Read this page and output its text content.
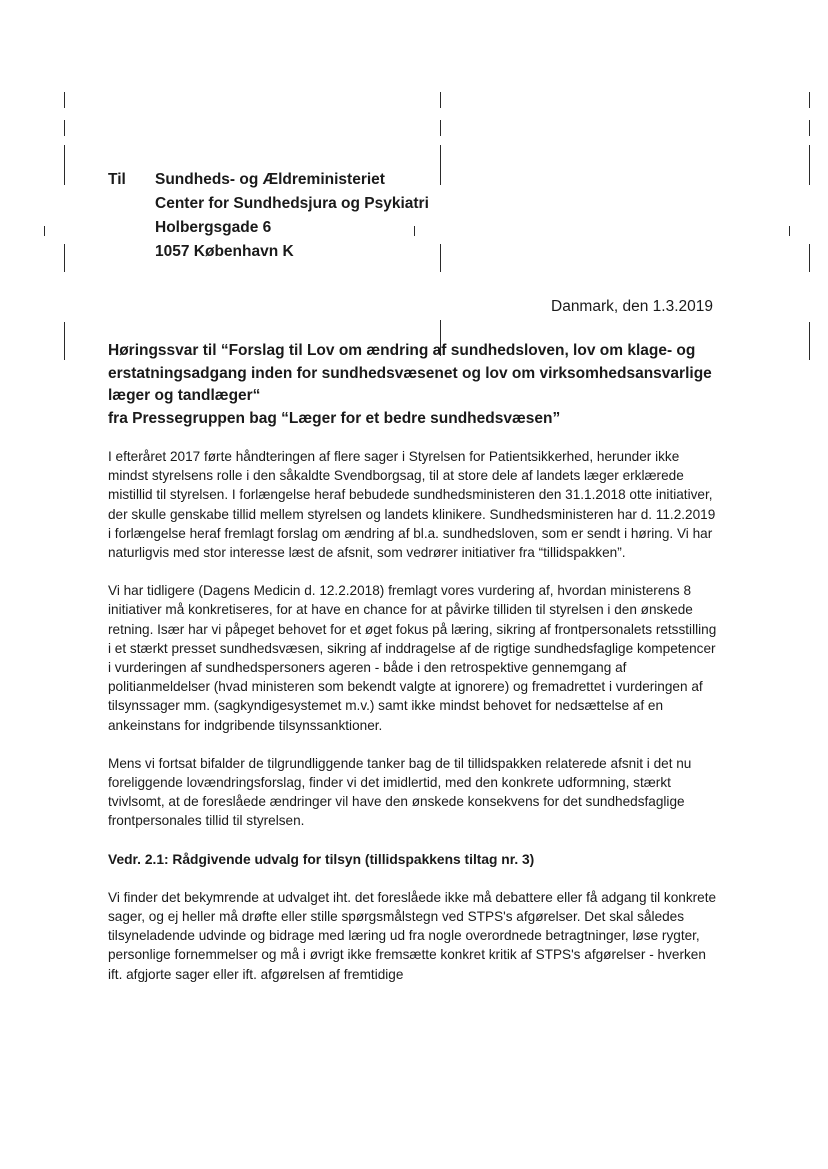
Til Sundheds- og Ældreministeriet
Center for Sundhedsjura og Psykiatri
Holbergsgade 6
1057 København K
Danmark, den 1.3.2019
Høringssvar til “Forslag til Lov om ændring af sundhedsloven, lov om klage- og erstatningsadgang inden for sundhedsvæsenet og lov om virksomhedsansvarlige læger og tandlæger“
fra Pressegruppen bag “Læger for et bedre sundhedsvæsen”

I efteråret 2017 førte håndteringen af flere sager i Styrelsen for Patientsikkerhed, herunder ikke mindst styrelsens rolle i den såkaldte Svendborgsag, til at store dele af landets læger erklærede mistillid til styrelsen. I forlængelse heraf bebudede sundhedsministeren den 31.1.2018 otte initiativer, der skulle genskabe tillid mellem styrelsen og landets klinikere. Sundhedsministeren har d. 11.2.2019 i forlængelse heraf fremlagt forslag om ændring af bl.a. sundhedsloven, som er sendt i høring. Vi har naturligvis med stor interesse læst de afsnit, som vedrører initiativer fra “tillidspakken”.

Vi har tidligere (Dagens Medicin d. 12.2.2018) fremlagt vores vurdering af, hvordan ministerens 8 initiativer må konkretiseres, for at have en chance for at påvirke tilliden til styrelsen i den ønskede retning. Især har vi påpeget behovet for et øget fokus på læring, sikring af frontpersonalets retsstilling i et stærkt presset sundhedsvæsen, sikring af inddragelse af de rigtige sundhedsfaglige kompetencer i vurderingen af sundhedspersoners ageren - både i den retrospektive gennemgang af politianmeldelser (hvad ministeren som bekendt valgte at ignorere) og fremadrettet i vurderingen af tilsynssager mm. (sagkyndigesystemet m.v.) samt ikke mindst behovet for nedsættelse af en ankeinstans for indgribende tilsynssanktioner.

Mens vi fortsat bifalder de tilgrundliggende tanker bag de til tillidspakken relaterede afsnit i det nu foreliggende lovændringsforslag, finder vi det imidlertid, med den konkrete udformning, stærkt tvivlsomt, at de foreslåede ændringer vil have den ønskede konsekvens for det sundhedsfaglige frontpersonales tillid til styrelsen.

Vedr. 2.1: Rådgivende udvalg for tilsyn (tillidspakkens tiltag nr. 3)

Vi finder det bekymrende at udvalget iht. det foreslåede ikke må debattere eller få adgang til konkrete sager, og ej heller må drøfte eller stille spørgsmålstegn ved STPS's afgørelser. Det skal således tilsyneladende udvinde og bidrage med læring ud fra nogle overordnede betragtninger, løse rygter, personlige fornemmelser og må i øvrigt ikke fremsætte konkret kritik af STPS's afgørelser - hverken ift. afgjorte sager eller ift. afgørelsen af fremtidige
